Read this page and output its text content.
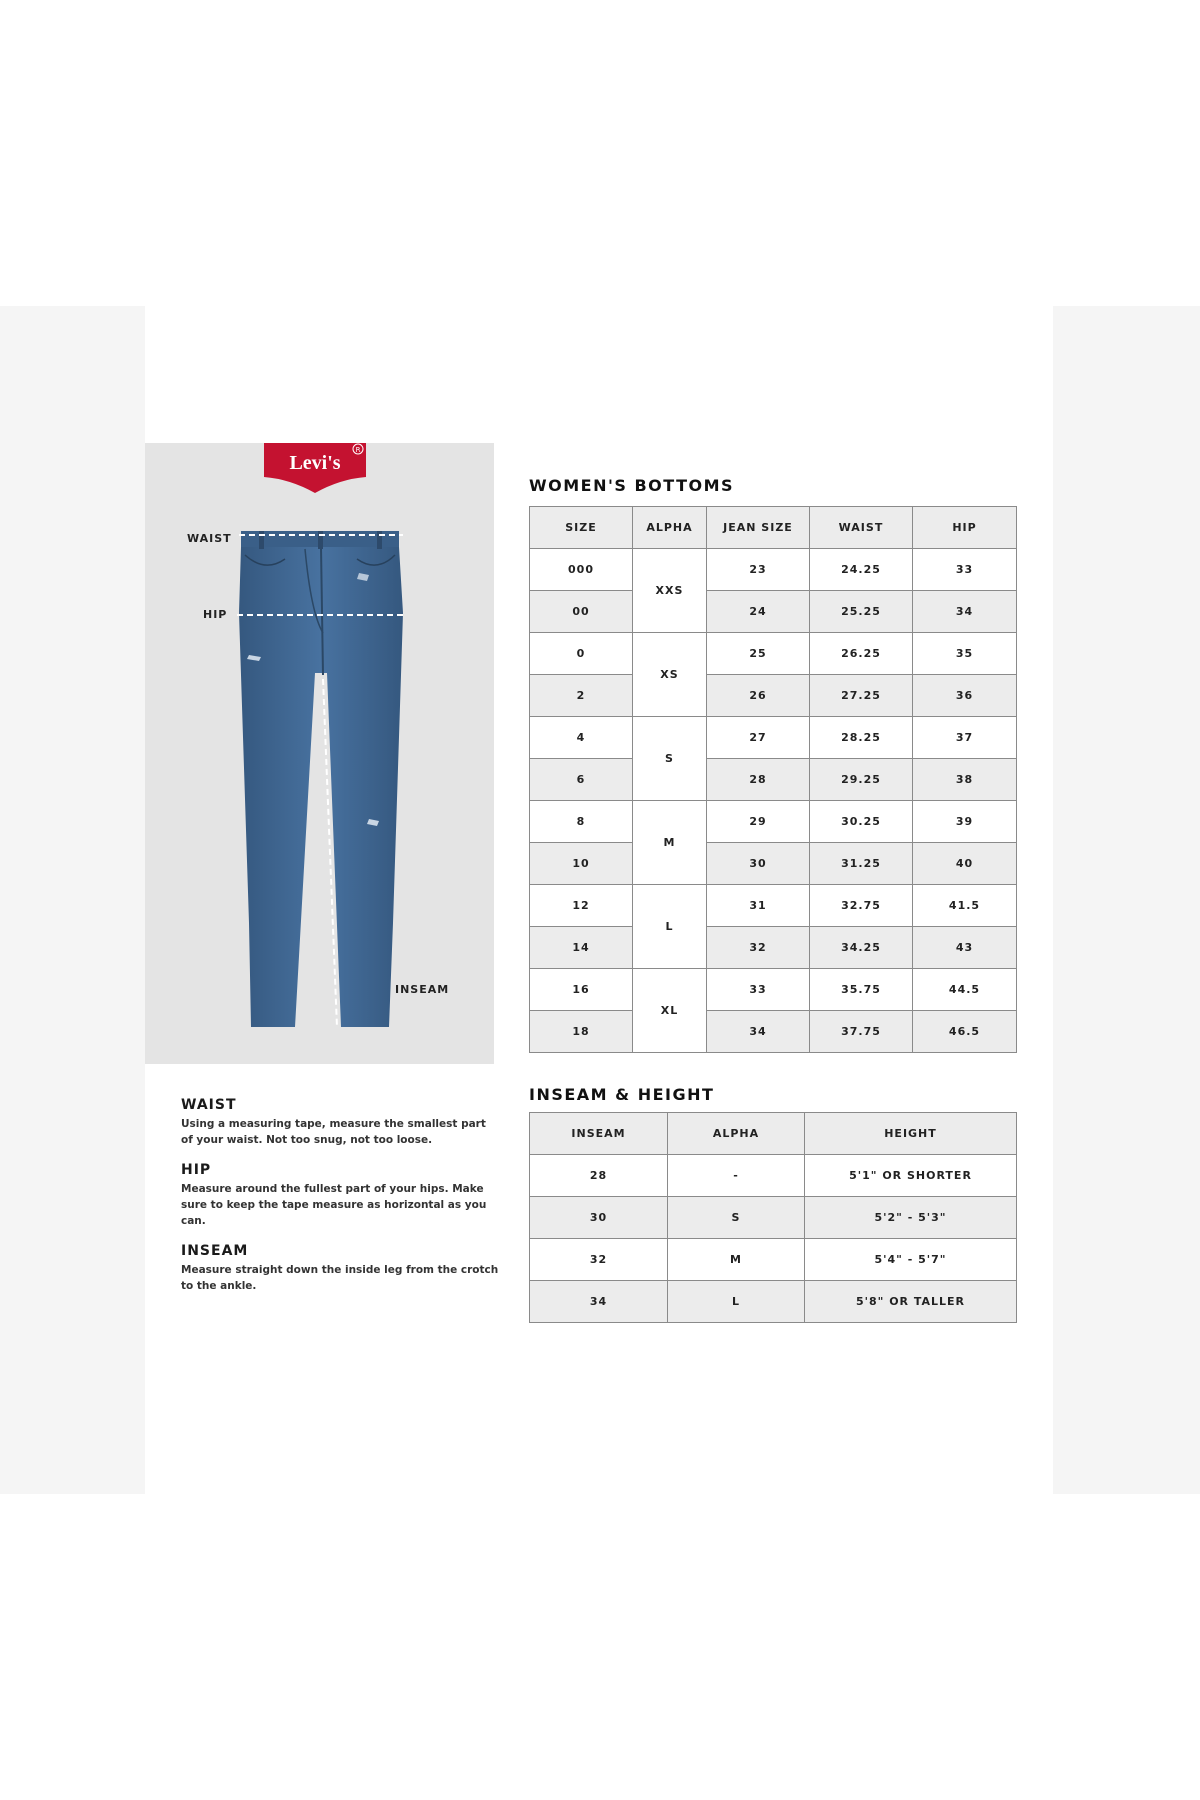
Levi's
R
WAIST
HIP
INSEAM

WAIST

Using a measuring tape, measure the smallest part of your waist. Not too snug, not too loose.

HIP

Measure around the fullest part of your hips. Make sure to keep the tape measure as horizontal as you can.

INSEAM

Measure straight down the inside leg from the crotch to the ankle.

WOMEN'S BOTTOMS
SIZE	ALPHA	JEAN SIZE	WAIST	HIP
000	XXS	23	24.25	33
00		24	25.25	34
0	XS	25	26.25	35
2		26	27.25	36
4	S	27	28.25	37
6		28	29.25	38
8	M	29	30.25	39
10		30	31.25	40
12	L	31	32.75	41.5
14		32	34.25	43
16	XL	33	35.75	44.5
18		34	37.75	46.5
INSEAM & HEIGHT
INSEAM	ALPHA	HEIGHT
28	-	5'1" OR SHORTER
30	S	5'2" - 5'3"
32	M	5'4" - 5'7"
34	L	5'8" OR TALLER
